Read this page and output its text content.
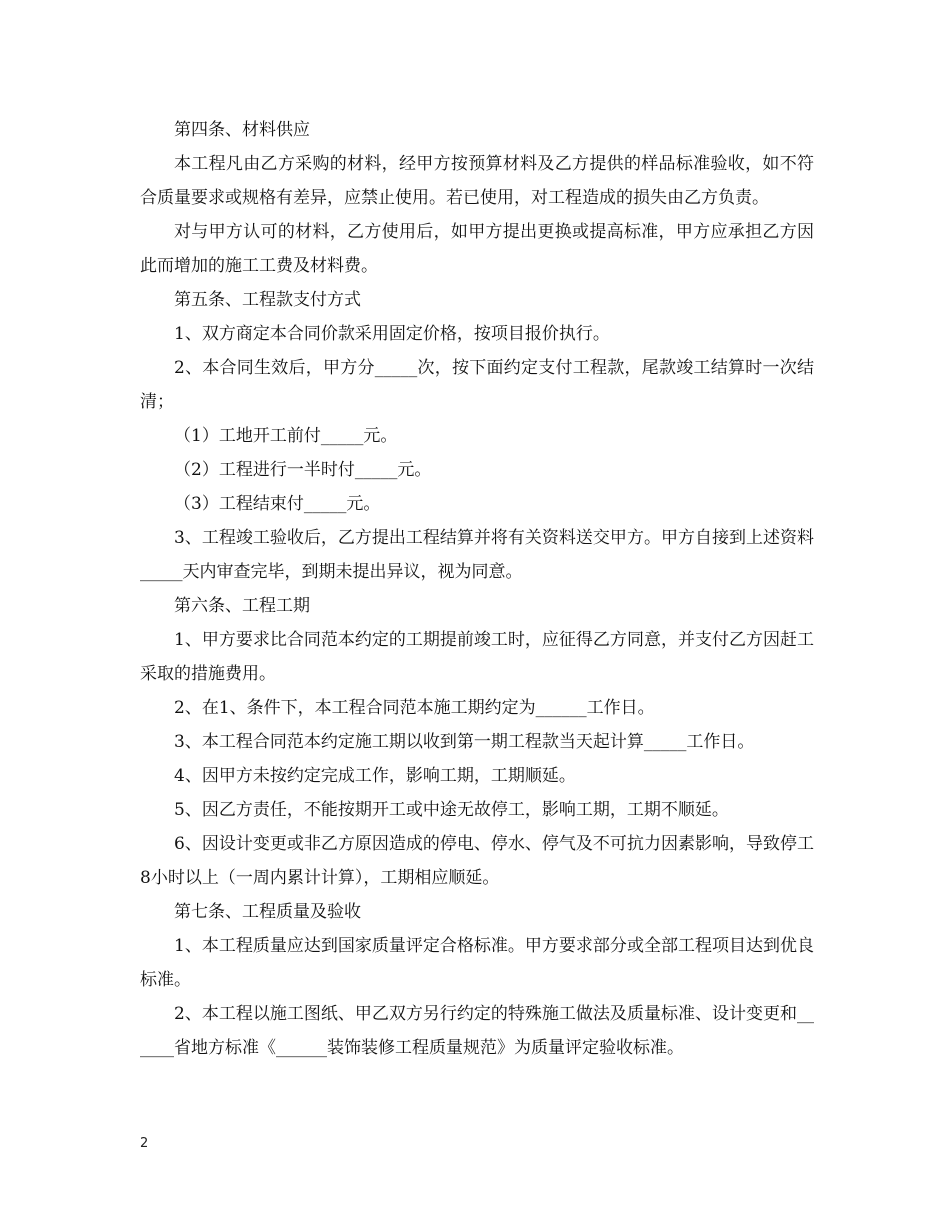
第四条、材料供应

本工程凡由乙方采购的材料，经甲方按预算材料及乙方提供的样品标准验收，如不符合质量要求或规格有差异，应禁止使用。若已使用，对工程造成的损失由乙方负责。

对与甲方认可的材料，乙方使用后，如甲方提出更换或提高标准，甲方应承担乙方因此而增加的施工工费及材料费。

第五条、工程款支付方式

1、双方商定本合同价款采用固定价格，按项目报价执行。

2、本合同生效后，甲方分_____次，按下面约定支付工程款，尾款竣工结算时一次结清；

（1）工地开工前付_____元。

（2）工程进行一半时付_____元。

（3）工程结束付_____元。

3、工程竣工验收后，乙方提出工程结算并将有关资料送交甲方。甲方自接到上述资料_____天内审查完毕，到期未提出异议，视为同意。

第六条、工程工期

1、甲方要求比合同范本约定的工期提前竣工时，应征得乙方同意，并支付乙方因赶工采取的措施费用。

2、在1、条件下，本工程合同范本施工期约定为______工作日。

3、本工程合同范本约定施工期以收到第一期工程款当天起计算_____工作日。

4、因甲方未按约定完成工作，影响工期，工期顺延。

5、因乙方责任，不能按期开工或中途无故停工，影响工期，工期不顺延。

6、因设计变更或非乙方原因造成的停电、停水、停气及不可抗力因素影响，导致停工8小时以上（一周内累计计算），工期相应顺延。

第七条、工程质量及验收

1、本工程质量应达到国家质量评定合格标准。甲方要求部分或全部工程项目达到优良标准。

2、本工程以施工图纸、甲乙双方另行约定的特殊施工做法及质量标准、设计变更和______省地方标准《______装饰装修工程质量规范》为质量评定验收标准。

2
